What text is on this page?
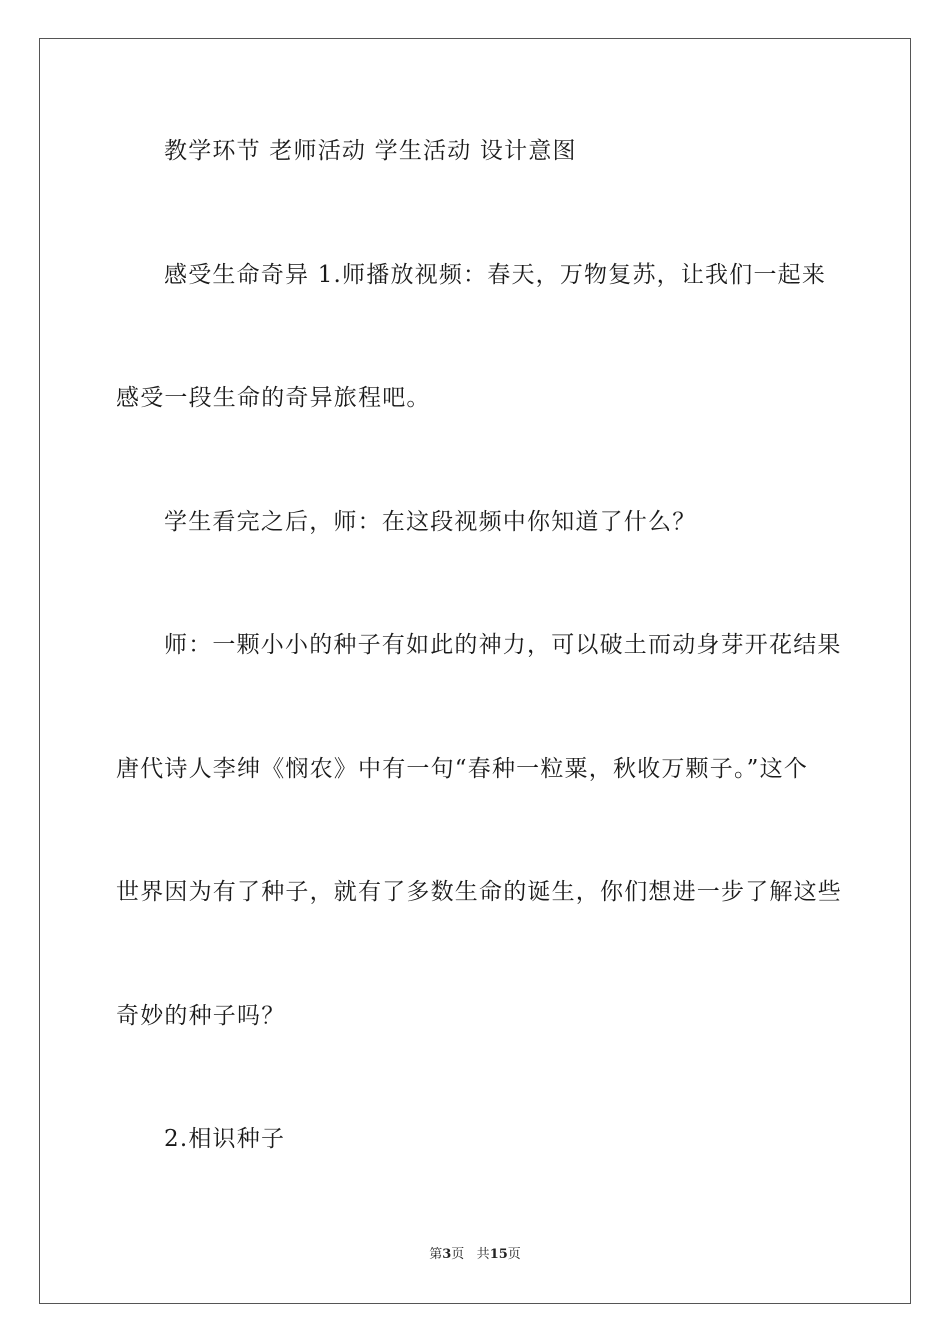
教学环节 老师活动 学生活动 设计意图
感受生命奇异 1.师播放视频：春天，万物复苏，让我们一起来
感受一段生命的奇异旅程吧。
学生看完之后，师：在这段视频中你知道了什么？
师：一颗小小的种子有如此的神力，可以破土而动身芽开花结果
唐代诗人李绅《悯农》中有一句“春种一粒粟，秋收万颗子。”这个
世界因为有了种子，就有了多数生命的诞生，你们想进一步了解这些
奇妙的种子吗？
2.相识种子
第3页 共15页
